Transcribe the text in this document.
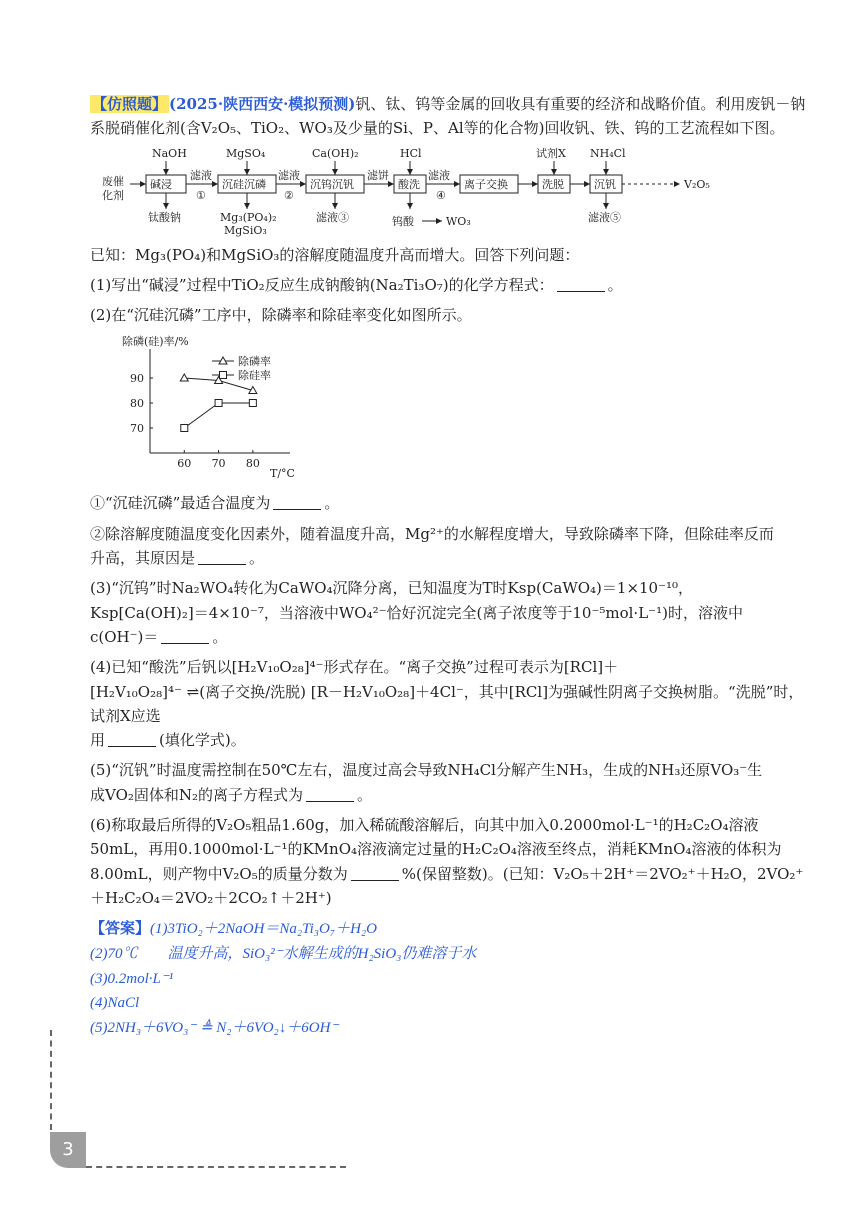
【仿照题】 (2025·陕西西安·模拟预测)钒、钛、钨等金属的回收具有重要的经济和战略价值。利用废钒－钠
系脱硝催化剂(含V₂O₅、TiO₂、WO₃及少量的Si、P、Al等的化合物)回收钒、铁、钨的工艺流程如下图。

废催
化剂
NaOH	MgSO₄	Ca(OH)₂	HCl	试剂X NH₄Cl
碱浸	沉硅沉磷	沉钨沉钒	酸洗	离子交换	洗脱	沉钒
滤液
①
滤液
②
滤饼	滤液
④
钛酸钠	Mg₃(PO₄)₂
MgSiO₃
滤液③	钨酸	WO₃	滤液⑤
V₂O₅

已知：Mg₃(PO₄)和MgSiO₃的溶解度随温度升高而增大。回答下列问题：

(1)写出“碱浸”过程中TiO₂反应生成钠酸钠(Na₂Ti₃O₇)的化学方程式：	。

(2)在“沉硅沉磷”工序中，除磷率和除硅率变化如图所示。

除磷(硅)率/%
T/°C
60 70 80
70
80
90
除磷率
除硅率

①“沉硅沉磷”最适合温度为	。

②除溶解度随温度变化因素外，随着温度升高，Mg²⁺的水解程度增大，导致除磷率下降，但除硅率反而
升高，其原因是	。

(3)“沉钨”时Na₂WO₄转化为CaWO₄沉降分离，已知温度为T时Ksp(CaWO₄)＝1×10⁻¹⁰，
Ksp[Ca(OH)₂]＝4×10⁻⁷，当溶液中WO₄²⁻恰好沉淀完全(离子浓度等于10⁻⁵mol·L⁻¹)时，溶液中
c(OH⁻)＝	。

(4)已知“酸洗”后钒以[H₂V₁₀O₂₈]⁴⁻形式存在。“离子交换”过程可表示为[RCl]＋
[H₂V₁₀O₂₈]⁴⁻ ⇌(离子交换/洗脱) [R－H₂V₁₀O₂₈]＋4Cl⁻，其中[RCl]为强碱性阴离子交换树脂。“洗脱”时，试剂X应选
用	(填化学式)。

(5)“沉钒”时温度需控制在50℃左右，温度过高会导致NH₄Cl分解产生NH₃，生成的NH₃还原VO₃⁻生
成VO₂固体和N₂的离子方程式为	。

(6)称取最后所得的V₂O₅粗品1.60g，加入稀硫酸溶解后，向其中加入0.2000mol·L⁻¹的H₂C₂O₄溶液
50mL，再用0.1000mol·L⁻¹的KMnO₄溶液滴定过量的H₂C₂O₄溶液至终点，消耗KMnO₄溶液的体积为
8.00mL，则产物中V₂O₅的质量分数为	%(保留整数)。(已知：V₂O₅＋2H⁺＝2VO₂⁺＋H₂O，2VO₂⁺
＋H₂C₂O₄＝2VO₂＋2CO₂↑＋2H⁺)

【答案】(1)3TiO₂＋2NaOH＝Na₂Ti₃O₇＋H₂O
(2)70℃　　温度升高，SiO₃²⁻水解生成的H₂SiO₃仍难溶于水
(3)0.2mol·L⁻¹
(4)NaCl
(5)2NH₃＋6VO₃⁻ ≜ N₂＋6VO₂↓＋6OH⁻
3
